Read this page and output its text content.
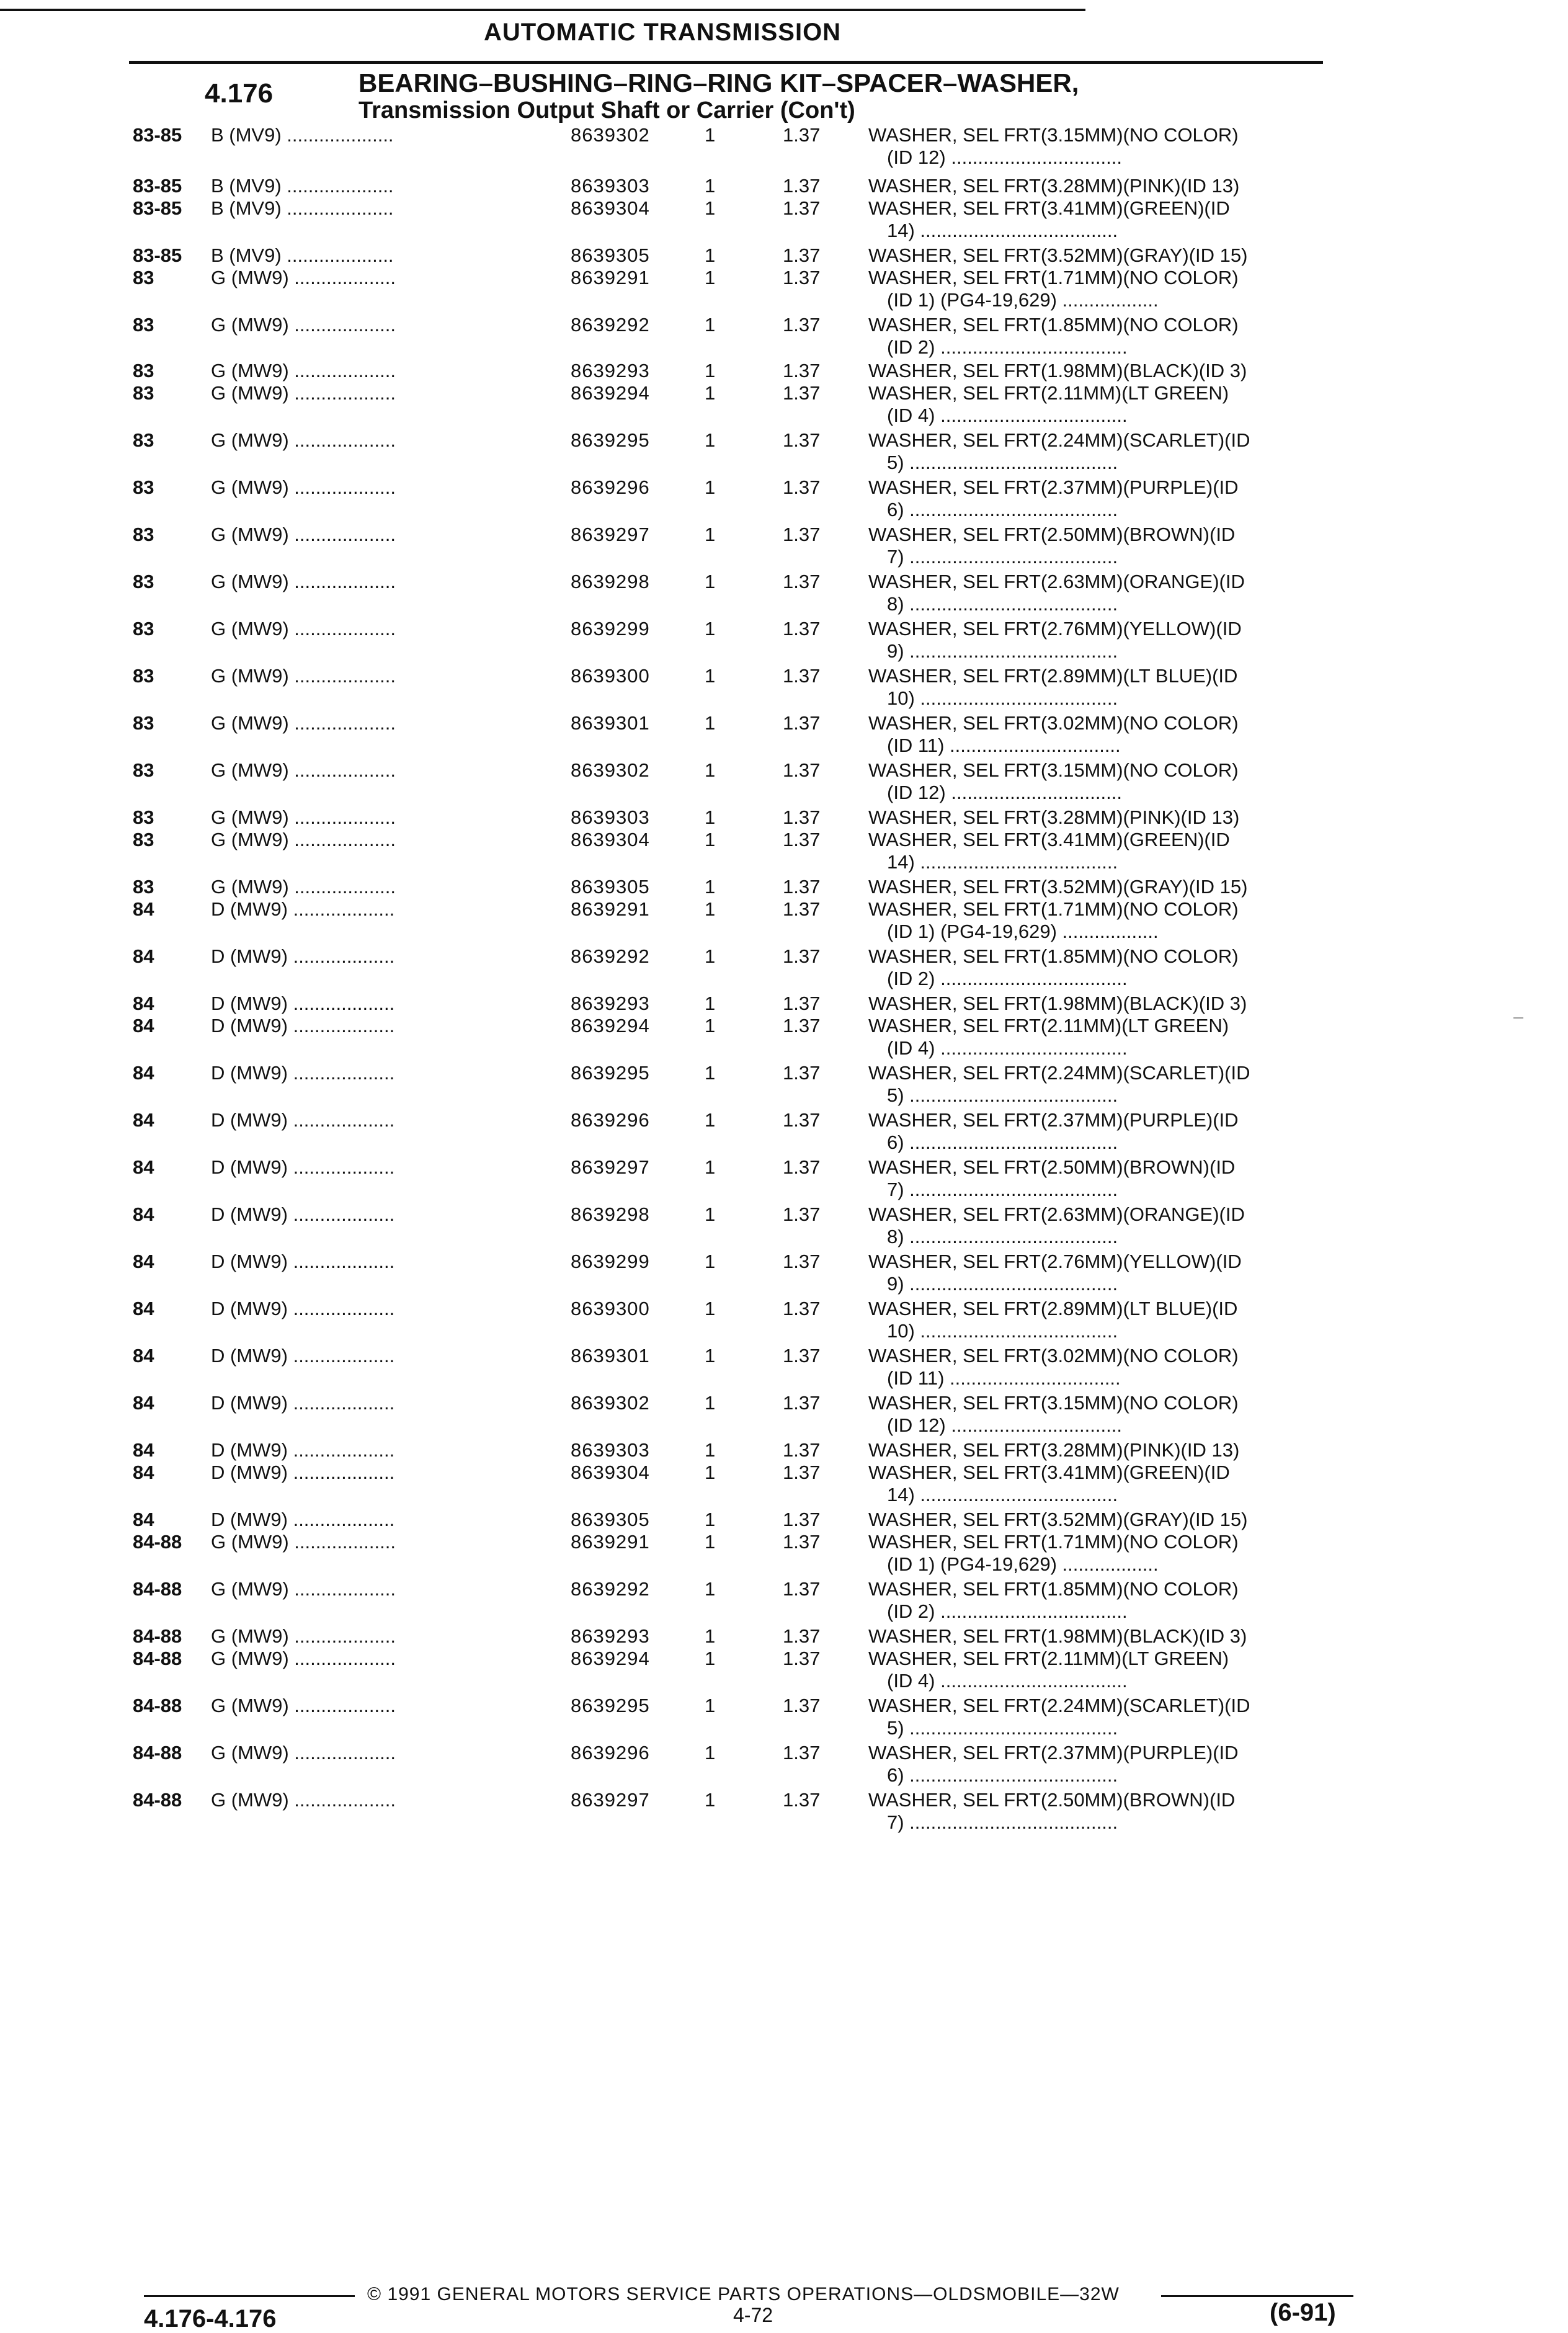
AUTOMATIC TRANSMISSION
4.176	BEARING–BUSHING–RING–RING KIT–SPACER–WASHER,
Transmission Output Shaft or Carrier (Con't)
83-85	B (MV9) ....................	8639302	1	1.37	WASHER, SEL FRT(3.15MM)(NO COLOR)
(ID 12) ................................
83-85	B (MV9) ....................	8639303	1	1.37	WASHER, SEL FRT(3.28MM)(PINK)(ID 13)
83-85	B (MV9) ....................	8639304	1	1.37	WASHER, SEL FRT(3.41MM)(GREEN)(ID
14) .....................................
83-85	B (MV9) ....................	8639305	1	1.37	WASHER, SEL FRT(3.52MM)(GRAY)(ID 15)
83	G (MW9) ...................	8639291	1	1.37	WASHER, SEL FRT(1.71MM)(NO COLOR)
(ID 1) (PG4-19,629) ..................
83	G (MW9) ...................	8639292	1	1.37	WASHER, SEL FRT(1.85MM)(NO COLOR)
(ID 2) ...................................
83	G (MW9) ...................	8639293	1	1.37	WASHER, SEL FRT(1.98MM)(BLACK)(ID 3)
83	G (MW9) ...................	8639294	1	1.37	WASHER, SEL FRT(2.11MM)(LT GREEN)
(ID 4) ...................................
83	G (MW9) ...................	8639295	1	1.37	WASHER, SEL FRT(2.24MM)(SCARLET)(ID
5) .......................................
83	G (MW9) ...................	8639296	1	1.37	WASHER, SEL FRT(2.37MM)(PURPLE)(ID
6) .......................................
83	G (MW9) ...................	8639297	1	1.37	WASHER, SEL FRT(2.50MM)(BROWN)(ID
7) .......................................
83	G (MW9) ...................	8639298	1	1.37	WASHER, SEL FRT(2.63MM)(ORANGE)(ID
8) .......................................
83	G (MW9) ...................	8639299	1	1.37	WASHER, SEL FRT(2.76MM)(YELLOW)(ID
9) .......................................
83	G (MW9) ...................	8639300	1	1.37	WASHER, SEL FRT(2.89MM)(LT BLUE)(ID
10) .....................................
83	G (MW9) ...................	8639301	1	1.37	WASHER, SEL FRT(3.02MM)(NO COLOR)
(ID 11) ................................
83	G (MW9) ...................	8639302	1	1.37	WASHER, SEL FRT(3.15MM)(NO COLOR)
(ID 12) ................................
83	G (MW9) ...................	8639303	1	1.37	WASHER, SEL FRT(3.28MM)(PINK)(ID 13)
83	G (MW9) ...................	8639304	1	1.37	WASHER, SEL FRT(3.41MM)(GREEN)(ID
14) .....................................
83	G (MW9) ...................	8639305	1	1.37	WASHER, SEL FRT(3.52MM)(GRAY)(ID 15)
84	D (MW9) ...................	8639291	1	1.37	WASHER, SEL FRT(1.71MM)(NO COLOR)
(ID 1) (PG4-19,629) ..................
84	D (MW9) ...................	8639292	1	1.37	WASHER, SEL FRT(1.85MM)(NO COLOR)
(ID 2) ...................................
84	D (MW9) ...................	8639293	1	1.37	WASHER, SEL FRT(1.98MM)(BLACK)(ID 3)
84	D (MW9) ...................	8639294	1	1.37	WASHER, SEL FRT(2.11MM)(LT GREEN)
(ID 4) ...................................
84	D (MW9) ...................	8639295	1	1.37	WASHER, SEL FRT(2.24MM)(SCARLET)(ID
5) .......................................
84	D (MW9) ...................	8639296	1	1.37	WASHER, SEL FRT(2.37MM)(PURPLE)(ID
6) .......................................
84	D (MW9) ...................	8639297	1	1.37	WASHER, SEL FRT(2.50MM)(BROWN)(ID
7) .......................................
84	D (MW9) ...................	8639298	1	1.37	WASHER, SEL FRT(2.63MM)(ORANGE)(ID
8) .......................................
84	D (MW9) ...................	8639299	1	1.37	WASHER, SEL FRT(2.76MM)(YELLOW)(ID
9) .......................................
84	D (MW9) ...................	8639300	1	1.37	WASHER, SEL FRT(2.89MM)(LT BLUE)(ID
10) .....................................
84	D (MW9) ...................	8639301	1	1.37	WASHER, SEL FRT(3.02MM)(NO COLOR)
(ID 11) ................................
84	D (MW9) ...................	8639302	1	1.37	WASHER, SEL FRT(3.15MM)(NO COLOR)
(ID 12) ................................
84	D (MW9) ...................	8639303	1	1.37	WASHER, SEL FRT(3.28MM)(PINK)(ID 13)
84	D (MW9) ...................	8639304	1	1.37	WASHER, SEL FRT(3.41MM)(GREEN)(ID
14) .....................................
84	D (MW9) ...................	8639305	1	1.37	WASHER, SEL FRT(3.52MM)(GRAY)(ID 15)
84-88	G (MW9) ...................	8639291	1	1.37	WASHER, SEL FRT(1.71MM)(NO COLOR)
(ID 1) (PG4-19,629) ..................
84-88	G (MW9) ...................	8639292	1	1.37	WASHER, SEL FRT(1.85MM)(NO COLOR)
(ID 2) ...................................
84-88	G (MW9) ...................	8639293	1	1.37	WASHER, SEL FRT(1.98MM)(BLACK)(ID 3)
84-88	G (MW9) ...................	8639294	1	1.37	WASHER, SEL FRT(2.11MM)(LT GREEN)
(ID 4) ...................................
84-88	G (MW9) ...................	8639295	1	1.37	WASHER, SEL FRT(2.24MM)(SCARLET)(ID
5) .......................................
84-88	G (MW9) ...................	8639296	1	1.37	WASHER, SEL FRT(2.37MM)(PURPLE)(ID
6) .......................................
84-88	G (MW9) ...................	8639297	1	1.37	WASHER, SEL FRT(2.50MM)(BROWN)(ID
7) .......................................
© 1991 GENERAL MOTORS SERVICE PARTS OPERATIONS—OLDSMOBILE—32W
4.176-4.176	4-72	(6-91)
